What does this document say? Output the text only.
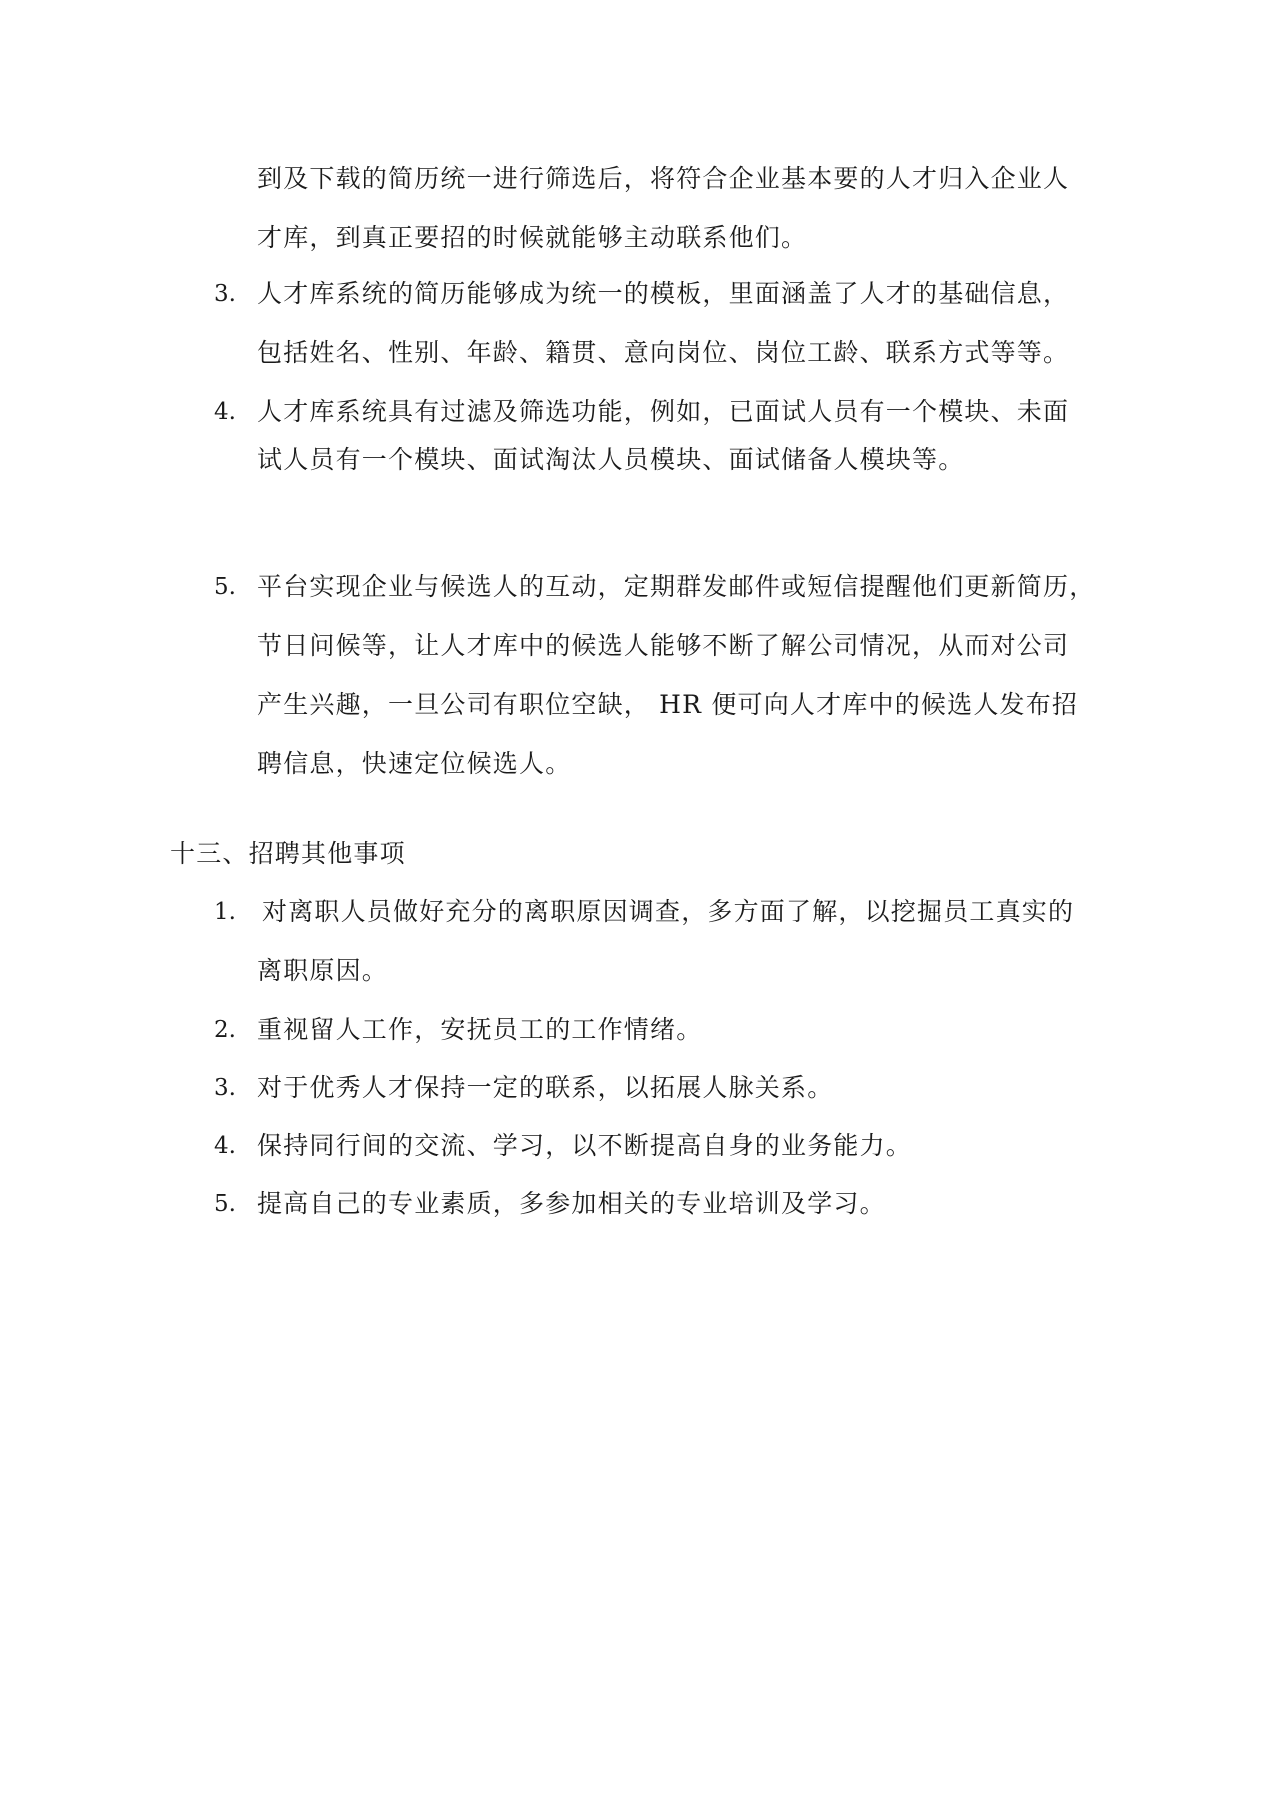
到及下载的简历统一进行筛选后，将符合企业基本要的人才归入企业人
才库，到真正要招的时候就能够主动联系他们。
3. 人才库系统的简历能够成为统一的模板，里面涵盖了人才的基础信息，
包括姓名、性别、年龄、籍贯、意向岗位、岗位工龄、联系方式等等。
4. 人才库系统具有过滤及筛选功能，例如，已面试人员有一个模块、未面
试人员有一个模块、面试淘汰人员模块、面试储备人模块等。
5. 平台实现企业与候选人的互动，定期群发邮件或短信提醒他们更新简历，
节日问候等，让人才库中的候选人能够不断了解公司情况，从而对公司
产生兴趣，一旦公司有职位空缺， HR 便可向人才库中的候选人发布招
聘信息，快速定位候选人。
十三、招聘其他事项
1. 对离职人员做好充分的离职原因调查，多方面了解，以挖掘员工真实的
离职原因。
2. 重视留人工作，安抚员工的工作情绪。
3. 对于优秀人才保持一定的联系，以拓展人脉关系。
4. 保持同行间的交流、学习，以不断提高自身的业务能力。
5. 提高自己的专业素质，多参加相关的专业培训及学习。
